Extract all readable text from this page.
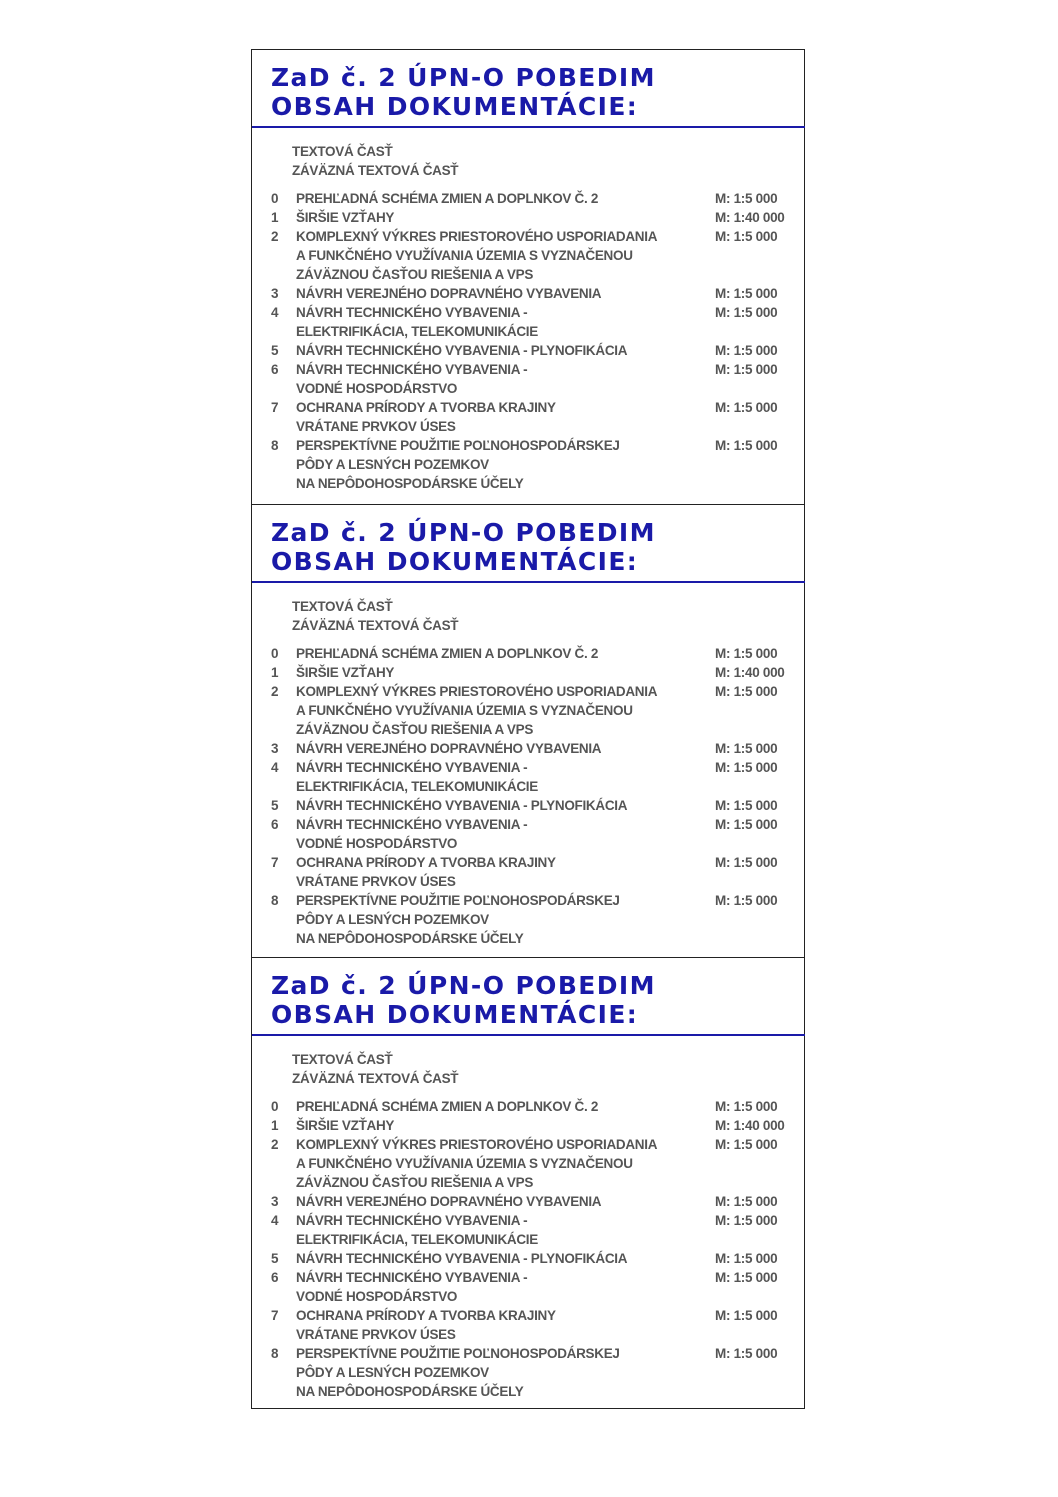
ZaD č. 2 ÚPN-O POBEDIM
OBSAH DOKUMENTÁCIE:
TEXTOVÁ ČASŤ
ZÁVÄZNÁ TEXTOVÁ ČASŤ
0 PREHĽADNÁ SCHÉMA ZMIEN A DOPLNKOV Č. 2	M: 1:5 000
1 ŠIRŠIE VZŤAHY	M: 1:40 000
2 KOMPLEXNÝ VÝKRES PRIESTOROVÉHO USPORIADANIA
A FUNKČNÉHO VYUŽÍVANIA ÚZEMIA S VYZNAČENOU
ZÁVÄZNOU ČASŤOU RIEŠENIA A VPS
M: 1:5 000
3 NÁVRH VEREJNÉHO DOPRAVNÉHO VYBAVENIA	M: 1:5 000
4 NÁVRH TECHNICKÉHO VYBAVENIA -
ELEKTRIFIKÁCIA, TELEKOMUNIKÁCIE
M: 1:5 000
5 NÁVRH TECHNICKÉHO VYBAVENIA - PLYNOFIKÁCIA	M: 1:5 000
6 NÁVRH TECHNICKÉHO VYBAVENIA -
VODNÉ HOSPODÁRSTVO
M: 1:5 000
7 OCHRANA PRÍRODY A TVORBA KRAJINY
VRÁTANE PRVKOV ÚSES
M: 1:5 000
8 PERSPEKTÍVNE POUŽITIE POĽNOHOSPODÁRSKEJ
PÔDY A LESNÝCH POZEMKOV
NA NEPÔDOHOSPODÁRSKE ÚČELY
M: 1:5 000
ZaD č. 2 ÚPN-O POBEDIM
OBSAH DOKUMENTÁCIE:
TEXTOVÁ ČASŤ
ZÁVÄZNÁ TEXTOVÁ ČASŤ
0 PREHĽADNÁ SCHÉMA ZMIEN A DOPLNKOV Č. 2	M: 1:5 000
1 ŠIRŠIE VZŤAHY	M: 1:40 000
2 KOMPLEXNÝ VÝKRES PRIESTOROVÉHO USPORIADANIA
A FUNKČNÉHO VYUŽÍVANIA ÚZEMIA S VYZNAČENOU
ZÁVÄZNOU ČASŤOU RIEŠENIA A VPS
M: 1:5 000
3 NÁVRH VEREJNÉHO DOPRAVNÉHO VYBAVENIA	M: 1:5 000
4 NÁVRH TECHNICKÉHO VYBAVENIA -
ELEKTRIFIKÁCIA, TELEKOMUNIKÁCIE
M: 1:5 000
5 NÁVRH TECHNICKÉHO VYBAVENIA - PLYNOFIKÁCIA	M: 1:5 000
6 NÁVRH TECHNICKÉHO VYBAVENIA -
VODNÉ HOSPODÁRSTVO
M: 1:5 000
7 OCHRANA PRÍRODY A TVORBA KRAJINY
VRÁTANE PRVKOV ÚSES
M: 1:5 000
8 PERSPEKTÍVNE POUŽITIE POĽNOHOSPODÁRSKEJ
PÔDY A LESNÝCH POZEMKOV
NA NEPÔDOHOSPODÁRSKE ÚČELY
M: 1:5 000
ZaD č. 2 ÚPN-O POBEDIM
OBSAH DOKUMENTÁCIE:
TEXTOVÁ ČASŤ
ZÁVÄZNÁ TEXTOVÁ ČASŤ
0 PREHĽADNÁ SCHÉMA ZMIEN A DOPLNKOV Č. 2	M: 1:5 000
1 ŠIRŠIE VZŤAHY	M: 1:40 000
2 KOMPLEXNÝ VÝKRES PRIESTOROVÉHO USPORIADANIA
A FUNKČNÉHO VYUŽÍVANIA ÚZEMIA S VYZNAČENOU
ZÁVÄZNOU ČASŤOU RIEŠENIA A VPS
M: 1:5 000
3 NÁVRH VEREJNÉHO DOPRAVNÉHO VYBAVENIA	M: 1:5 000
4 NÁVRH TECHNICKÉHO VYBAVENIA -
ELEKTRIFIKÁCIA, TELEKOMUNIKÁCIE
M: 1:5 000
5 NÁVRH TECHNICKÉHO VYBAVENIA - PLYNOFIKÁCIA	M: 1:5 000
6 NÁVRH TECHNICKÉHO VYBAVENIA -
VODNÉ HOSPODÁRSTVO
M: 1:5 000
7 OCHRANA PRÍRODY A TVORBA KRAJINY
VRÁTANE PRVKOV ÚSES
M: 1:5 000
8 PERSPEKTÍVNE POUŽITIE POĽNOHOSPODÁRSKEJ
PÔDY A LESNÝCH POZEMKOV
NA NEPÔDOHOSPODÁRSKE ÚČELY
M: 1:5 000
